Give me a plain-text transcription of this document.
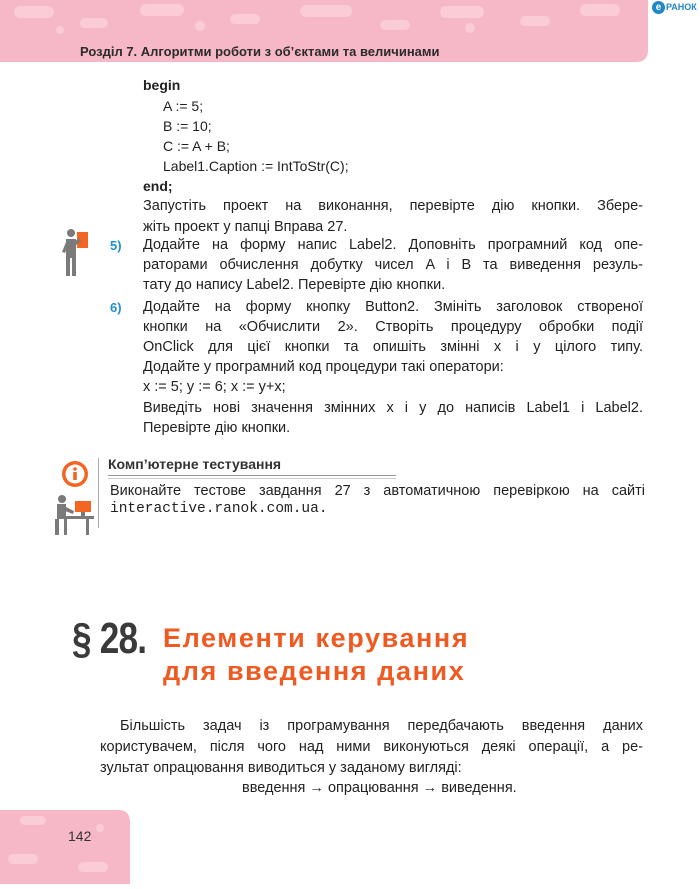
Розділ 7. Алгоритми роботи з об’єктами та величинами
e РАНОК
begin
A := 5;
B := 10;
C := A + B;
Label1.Caption := IntToStr(C);
end;
Запустіть проект на виконання, перевірте дію кнопки. Збере-
жіть проект у папці Вправа 27.
5) Додайте на форму напис Label2. Доповніть програмний код опе-
раторами обчислення добутку чисел A і B та виведення резуль-
тату до напису Label2. Перевірте дію кнопки.
6) Додайте на форму кнопку Button2. Змініть заголовок створеної
кнопки на «Обчислити 2». Створіть процедуру обробки події
OnClick для цієї кнопки та опишіть змінні x і y цілого типу.
Додайте у програмний код процедури такі оператори:
x := 5; y := 6; x := y+x;
Виведіть нові значення змінних x і y до написів Label1 і Label2.
Перевірте дію кнопки.
Комп’ютерне тестування
Виконайте тестове завдання 27 з автоматичною перевіркою на сайті
interactive.ranok.com.ua.
§ 28. Елементи керування
для введення даних
Більшість задач із програмування передбачають введення даних
користувачем, після чого над ними виконуються деякі операції, а ре-
зультат опрацювання виводиться у заданому вигляді:
введення → опрацювання → виведення.
142
